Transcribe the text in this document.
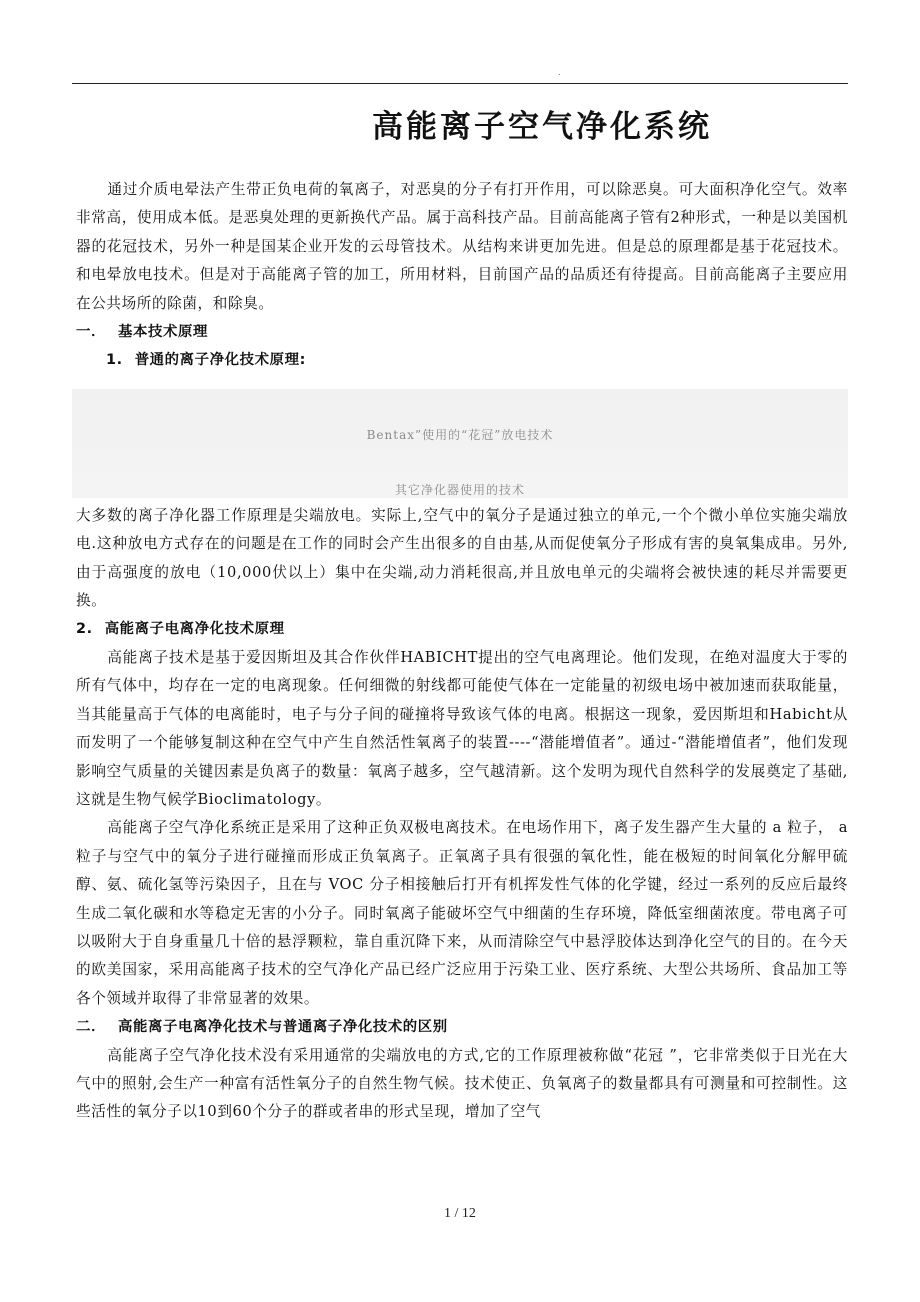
.
高能离子空气净化系统

通过介质电晕法产生带正负电荷的氧离子，对恶臭的分子有打开作用，可以除恶臭。可大面积净化空气。效率非常高，使用成本低。是恶臭处理的更新换代产品。属于高科技产品。目前高能离子管有2种形式，一种是以美国机器的花冠技术，另外一种是国某企业开发的云母管技术。从结构来讲更加先进。但是总的原理都是基于花冠技术。和电晕放电技术。但是对于高能离子管的加工，所用材料，目前国产品的品质还有待提高。目前高能离子主要应用在公共场所的除菌，和除臭。

一． 基本技术原理

1. 普通的离子净化技术原理:

Bentax”使用的“花冠”放电技术
其它净化器使用的技术

大多数的离子净化器工作原理是尖端放电。实际上,空气中的氧分子是通过独立的单元,一个个微小单位实施尖端放电.这种放电方式存在的问题是在工作的同时会产生出很多的自由基,从而促使氧分子形成有害的臭氧集成串。另外,由于高强度的放电（10,000伏以上）集中在尖端,动力消耗很高,并且放电单元的尖端将会被快速的耗尽并需要更换。

2. 高能离子电离净化技术原理

高能离子技术是基于爱因斯坦及其合作伙伴HABICHT提出的空气电离理论。他们发现，在绝对温度大于零的所有气体中，均存在一定的电离现象。任何细微的射线都可能使气体在一定能量的初级电场中被加速而获取能量，当其能量高于气体的电离能时，电子与分子间的碰撞将导致该气体的电离。根据这一现象，爱因斯坦和Habicht从而发明了一个能够复制这种在空气中产生自然活性氧离子的装置----“潜能增值者”。通过-“潜能增值者”，他们发现影响空气质量的关键因素是负离子的数量：氧离子越多，空气越清新。这个发明为现代自然科学的发展奠定了基础,这就是生物气候学Bioclimatology。

高能离子空气净化系统正是采用了这种正负双极电离技术。在电场作用下，离子发生器产生大量的 a 粒子， a 粒子与空气中的氧分子进行碰撞而形成正负氧离子。正氧离子具有很强的氧化性，能在极短的时间氧化分解甲硫醇、氨、硫化氢等污染因子，且在与 VOC 分子相接触后打开有机挥发性气体的化学键，经过一系列的反应后最终生成二氧化碳和水等稳定无害的小分子。同时氧离子能破坏空气中细菌的生存环境，降低室细菌浓度。带电离子可以吸附大于自身重量几十倍的悬浮颗粒，靠自重沉降下来，从而清除空气中悬浮胶体达到净化空气的目的。在今天的欧美国家，采用高能离子技术的空气净化产品已经广泛应用于污染工业、医疗系统、大型公共场所、食品加工等各个领域并取得了非常显著的效果。

二． 高能离子电离净化技术与普通离子净化技术的区别

高能离子空气净化技术没有采用通常的尖端放电的方式,它的工作原理被称做“花冠 ”，它非常类似于日光在大气中的照射,会生产一种富有活性氧分子的自然生物气候。技术使正、负氧离子的数量都具有可测量和可控制性。这些活性的氧分子以10到60个分子的群或者串的形式呈现，增加了空气

1 / 12
